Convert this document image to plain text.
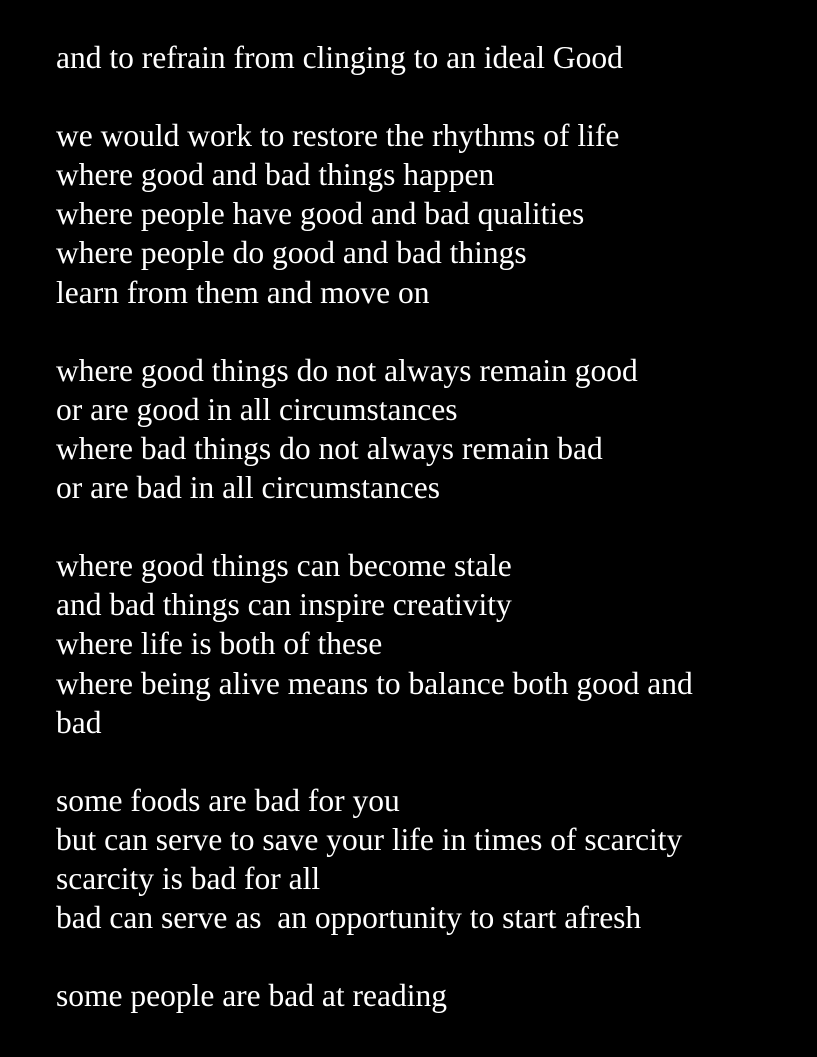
and to refrain from clinging to an ideal Good
we would work to restore the rhythms of life
where good and bad things happen
where people have good and bad qualities
where people do good and bad things
learn from them and move on
where good things do not always remain good
or are good in all circumstances
where bad things do not always remain bad
or are bad in all circumstances
where good things can become stale
and bad things can inspire creativity
where life is both of these
where being alive means to balance both good and
bad
some foods are bad for you
but can serve to save your life in times of scarcity
scarcity is bad for all
bad can serve as  an opportunity to start afresh
some people are bad at reading
